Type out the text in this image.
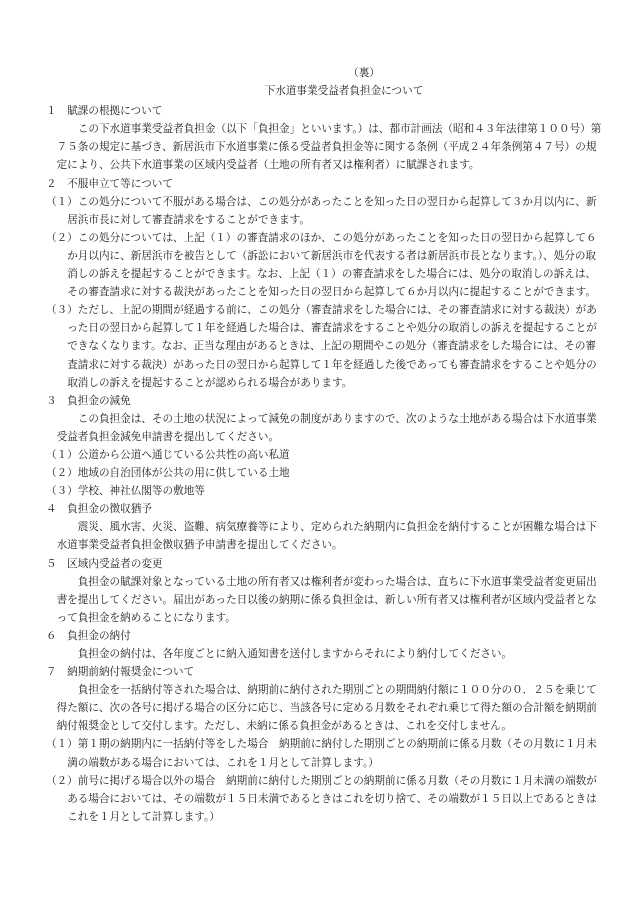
（裏）
下水道事業受益者負担金について
１　賦課の根拠について
この下水道事業受益者負担金（以下「負担金」といいます。）は、都市計画法（昭和４３年法律第１００号）第７５条の規定に基づき、新居浜市下水道事業に係る受益者負担金等に関する条例（平成２４年条例第４７号）の規定により、公共下水道事業の区域内受益者（土地の所有者又は権利者）に賦課されます。
２　不服申立て等について
（１）この処分について不服がある場合は、この処分があったことを知った日の翌日から起算して３か月以内に、新居浜市長に対して審査請求をすることができます。
（２）この処分については、上記（１）の審査請求のほか、この処分があったことを知った日の翌日から起算して６か月以内に、新居浜市を被告として（訴訟において新居浜市を代表する者は新居浜市長となります。）、処分の取消しの訴えを提起することができます。なお、上記（１）の審査請求をした場合には、処分の取消しの訴えは、その審査請求に対する裁決があったことを知った日の翌日から起算して６か月以内に提起することができます。
（３）ただし、上記の期間が経過する前に、この処分（審査請求をした場合には、その審査請求に対する裁決）があった日の翌日から起算して１年を経過した場合は、審査請求をすることや処分の取消しの訴えを提起することができなくなります。なお、正当な理由があるときは、上記の期間やこの処分（審査請求をした場合には、その審査請求に対する裁決）があった日の翌日から起算して１年を経過した後であっても審査請求をすることや処分の取消しの訴えを提起することが認められる場合があります。
３　負担金の減免
この負担金は、その土地の状況によって減免の制度がありますので、次のような土地がある場合は下水道事業受益者負担金減免申請書を提出してください。
（１）公道から公道へ通じている公共性の高い私道
（２）地域の自治団体が公共の用に供している土地
（３）学校、神社仏閣等の敷地等
４　負担金の徴収猶予
震災、風水害、火災、盗難、病気療養等により、定められた納期内に負担金を納付することが困難な場合は下水道事業受益者負担金徴収猶予申請書を提出してください。
５　区域内受益者の変更
負担金の賦課対象となっている土地の所有者又は権利者が変わった場合は、直ちに下水道事業受益者変更届出書を提出してください。届出があった日以後の納期に係る負担金は、新しい所有者又は権利者が区域内受益者となって負担金を納めることになります。
６　負担金の納付
負担金の納付は、各年度ごとに納入通知書を送付しますからそれにより納付してください。
７　納期前納付報奨金について
負担金を一括納付等された場合は、納期前に納付された期別ごとの期間納付額に１００分の０．２５を乗じて得た額に、次の各号に掲げる場合の区分に応じ、当該各号に定める月数をそれぞれ乗じて得た額の合計額を納期前納付報奨金として交付します。ただし、未納に係る負担金があるときは、これを交付しません。
（１）第１期の納期内に一括納付等をした場合　納期前に納付した期別ごとの納期前に係る月数（その月数に１月未満の端数がある場合においては、これを１月として計算します。）
（２）前号に掲げる場合以外の場合　納期前に納付した期別ごとの納期前に係る月数（その月数に１月未満の端数がある場合においては、その端数が１５日未満であるときはこれを切り捨て、その端数が１５日以上であるときはこれを１月として計算します。）
